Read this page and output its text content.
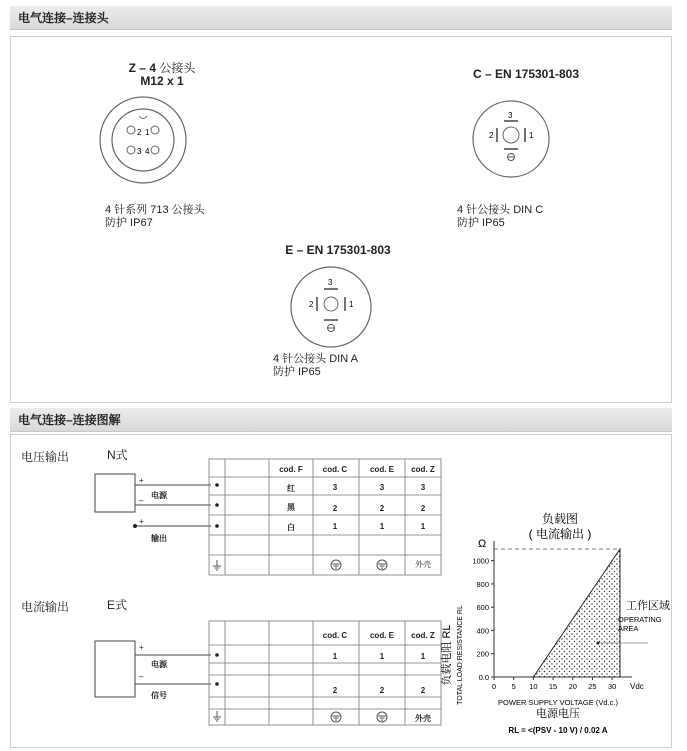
电气连接–连接头
Z – 4 公接头
M12 x 1
2 1
3 4
4 针系列 713 公接头
防护 IP67
C – EN 175301-803
3
2	1
4 针公接头 DIN C
防护 IP65
E – EN 175301-803
3
2	1
4 针公接头 DIN A
防护 IP65
电气连接–连接图解
电压输出	N式
+
–
+
cod. F	cod. C	cod. E	cod. Z
红	3	3	3
黑	2	2	2
白	1	1	1
外壳
电源
输出
电流输出	E式
+
–
cod. C	cod. E	cod. Z
1	1	1
2	2	2
外壳
电源
信号
负载图
( 电流输出 )
Ω
0.0
200
400
600
800
1000
0 5 10 15 20 25 30
负载电阻 RL TOTAL LOAD RESISTANCE RL	工作区域
OPERATING
AREA
Vdc
POWER SUPPLY VOLTAGE (Vd.c.)
电源电压
RL = <(PSV - 10 V) / 0.02 A
